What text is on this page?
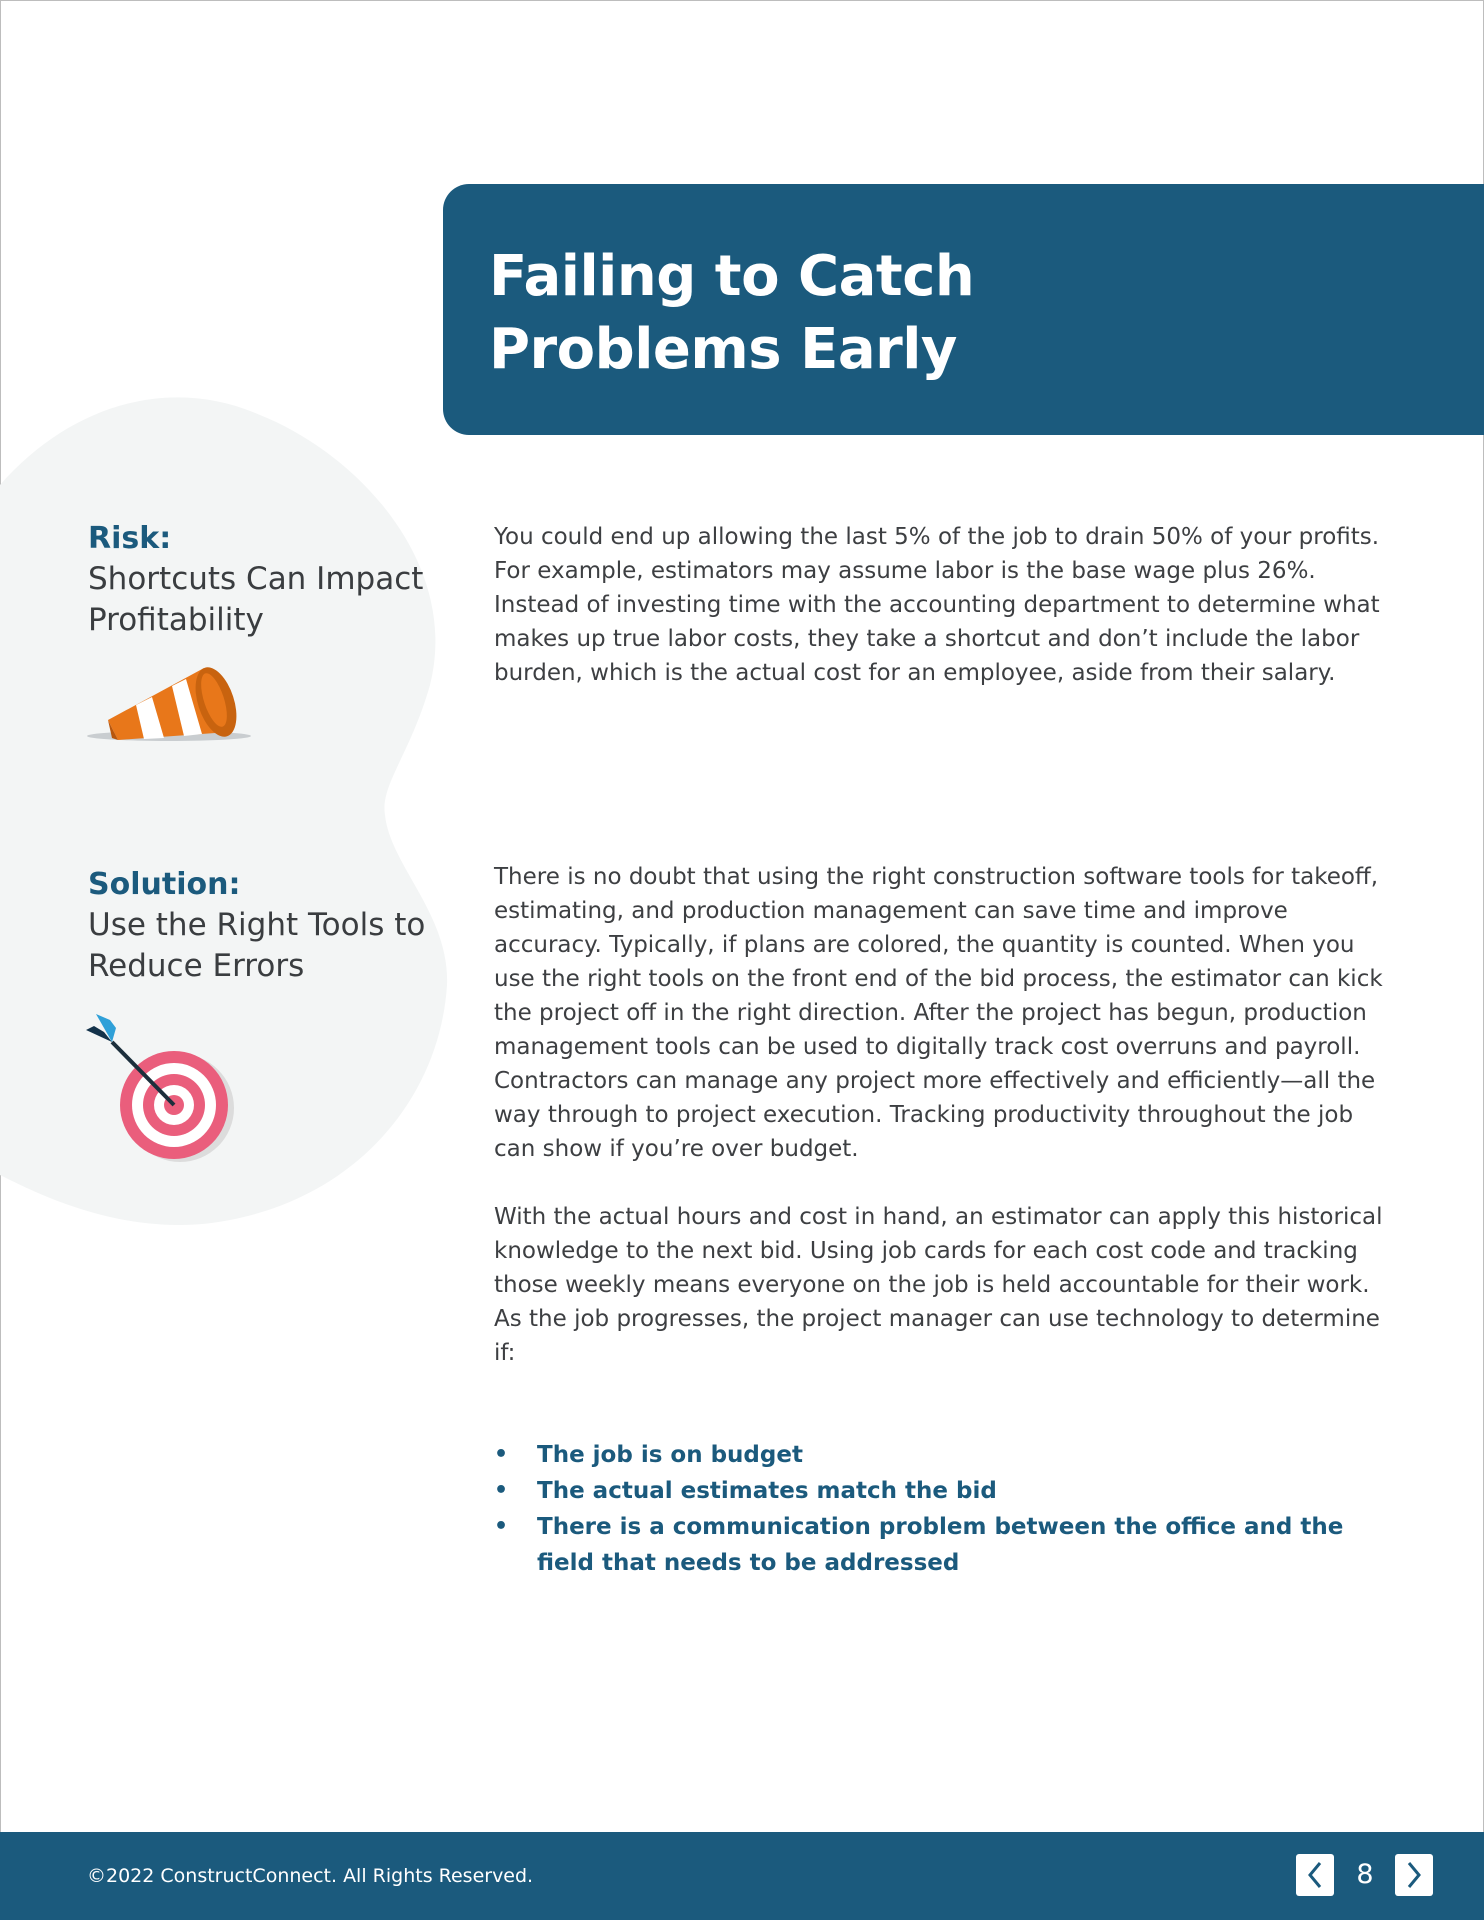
Failing to Catch
Problems Early
Risk:
Shortcuts Can Impact Profitability

You could end up allowing the last 5% of the job to drain 50% of your profits. For example, estimators may assume labor is the base wage plus 26%. Instead of investing time with the accounting department to determine what makes up true labor costs, they take a shortcut and don’t include the labor burden, which is the actual cost for an employee, aside from their salary.

Solution:
Use the Right Tools to Reduce Errors

There is no doubt that using the right construction software tools for takeoff, estimating, and production management can save time and improve accuracy. Typically, if plans are colored, the quantity is counted. When you use the right tools on the front end of the bid process, the estimator can kick the project off in the right direction. After the project has begun, production management tools can be used to digitally track cost overruns and payroll. Contractors can manage any project more effectively and efficiently—all the way through to project execution. Tracking productivity throughout the job can show if you’re over budget.

With the actual hours and cost in hand, an estimator can apply this historical knowledge to the next bid. Using job cards for each cost code and tracking those weekly means everyone on the job is held accountable for their work. As the job progresses, the project manager can use technology to determine if:

• The job is on budget
• The actual estimates match the bid
• There is a communication problem between the office and the field that needs to be addressed

©2022 ConstructConnect. All Rights Reserved.	8
